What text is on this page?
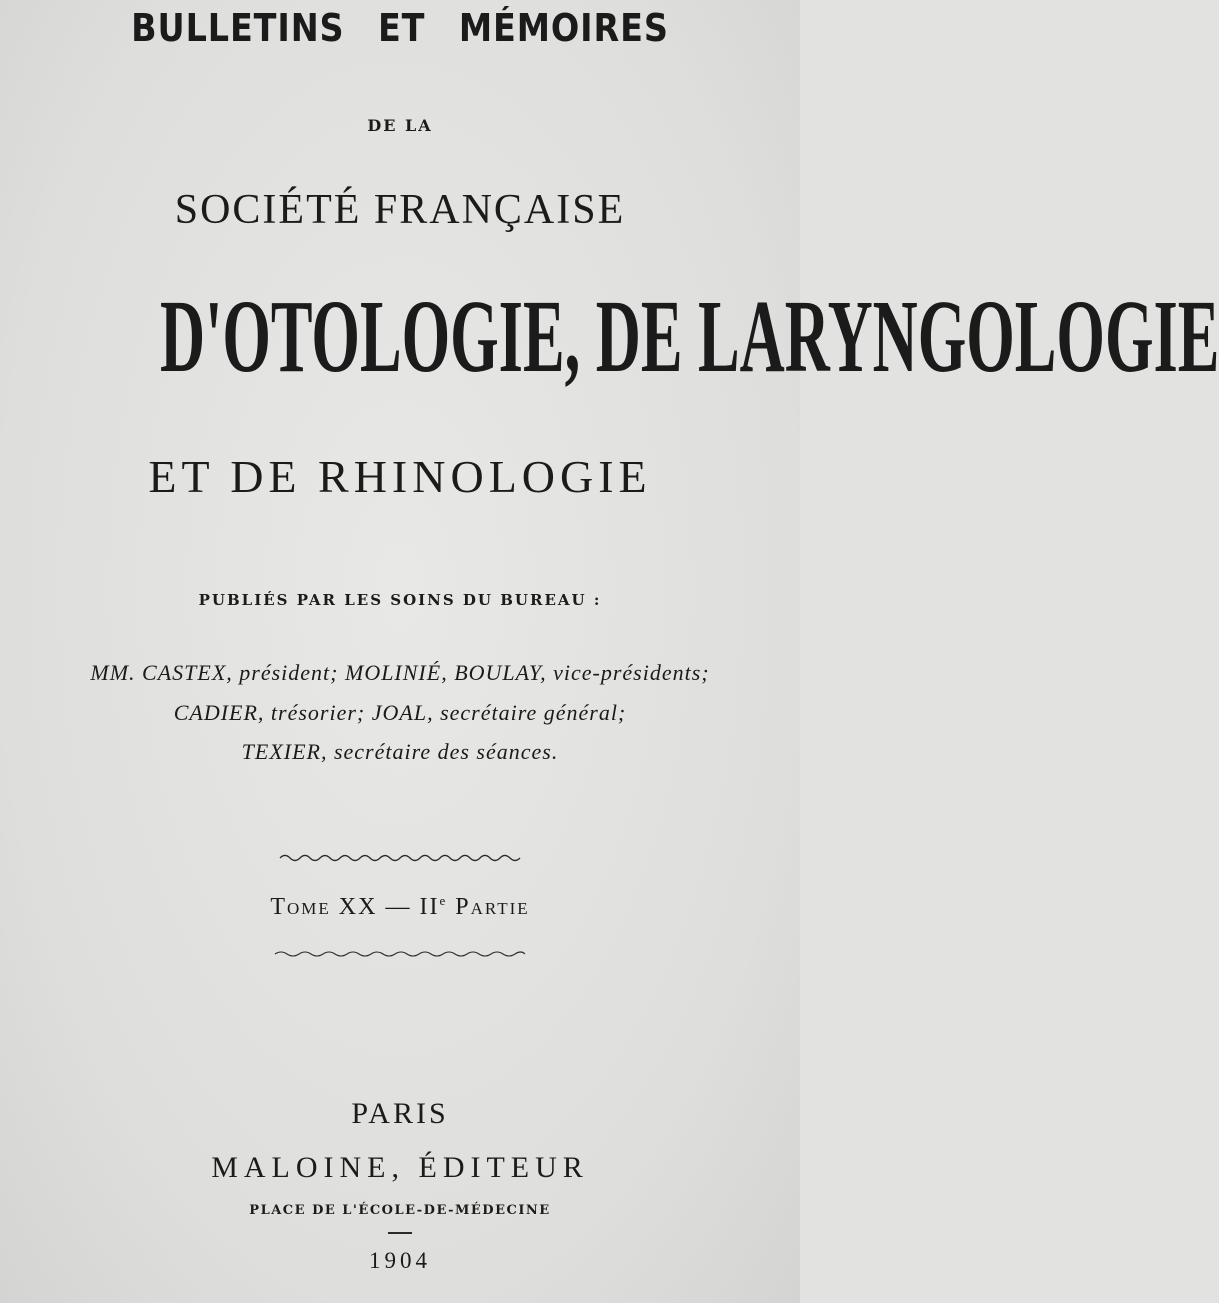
BULLETINS ET MÉMOIRES
DE LA
SOCIÉTÉ FRANÇAISE
D'OTOLOGIE, DE LARYNGOLOGIE
ET DE RHINOLOGIE
PUBLIÉS PAR LES SOINS DU BUREAU :
MM. CASTEX, président; MOLINIÉ, BOULAY, vice-présidents;
CADIER, trésorier; JOAL, secrétaire général;
TEXIER, secrétaire des séances.
Tome XX — IIe Partie
PARIS
MALOINE, ÉDITEUR
PLACE DE L'ÉCOLE-DE-MÉDECINE
1904
